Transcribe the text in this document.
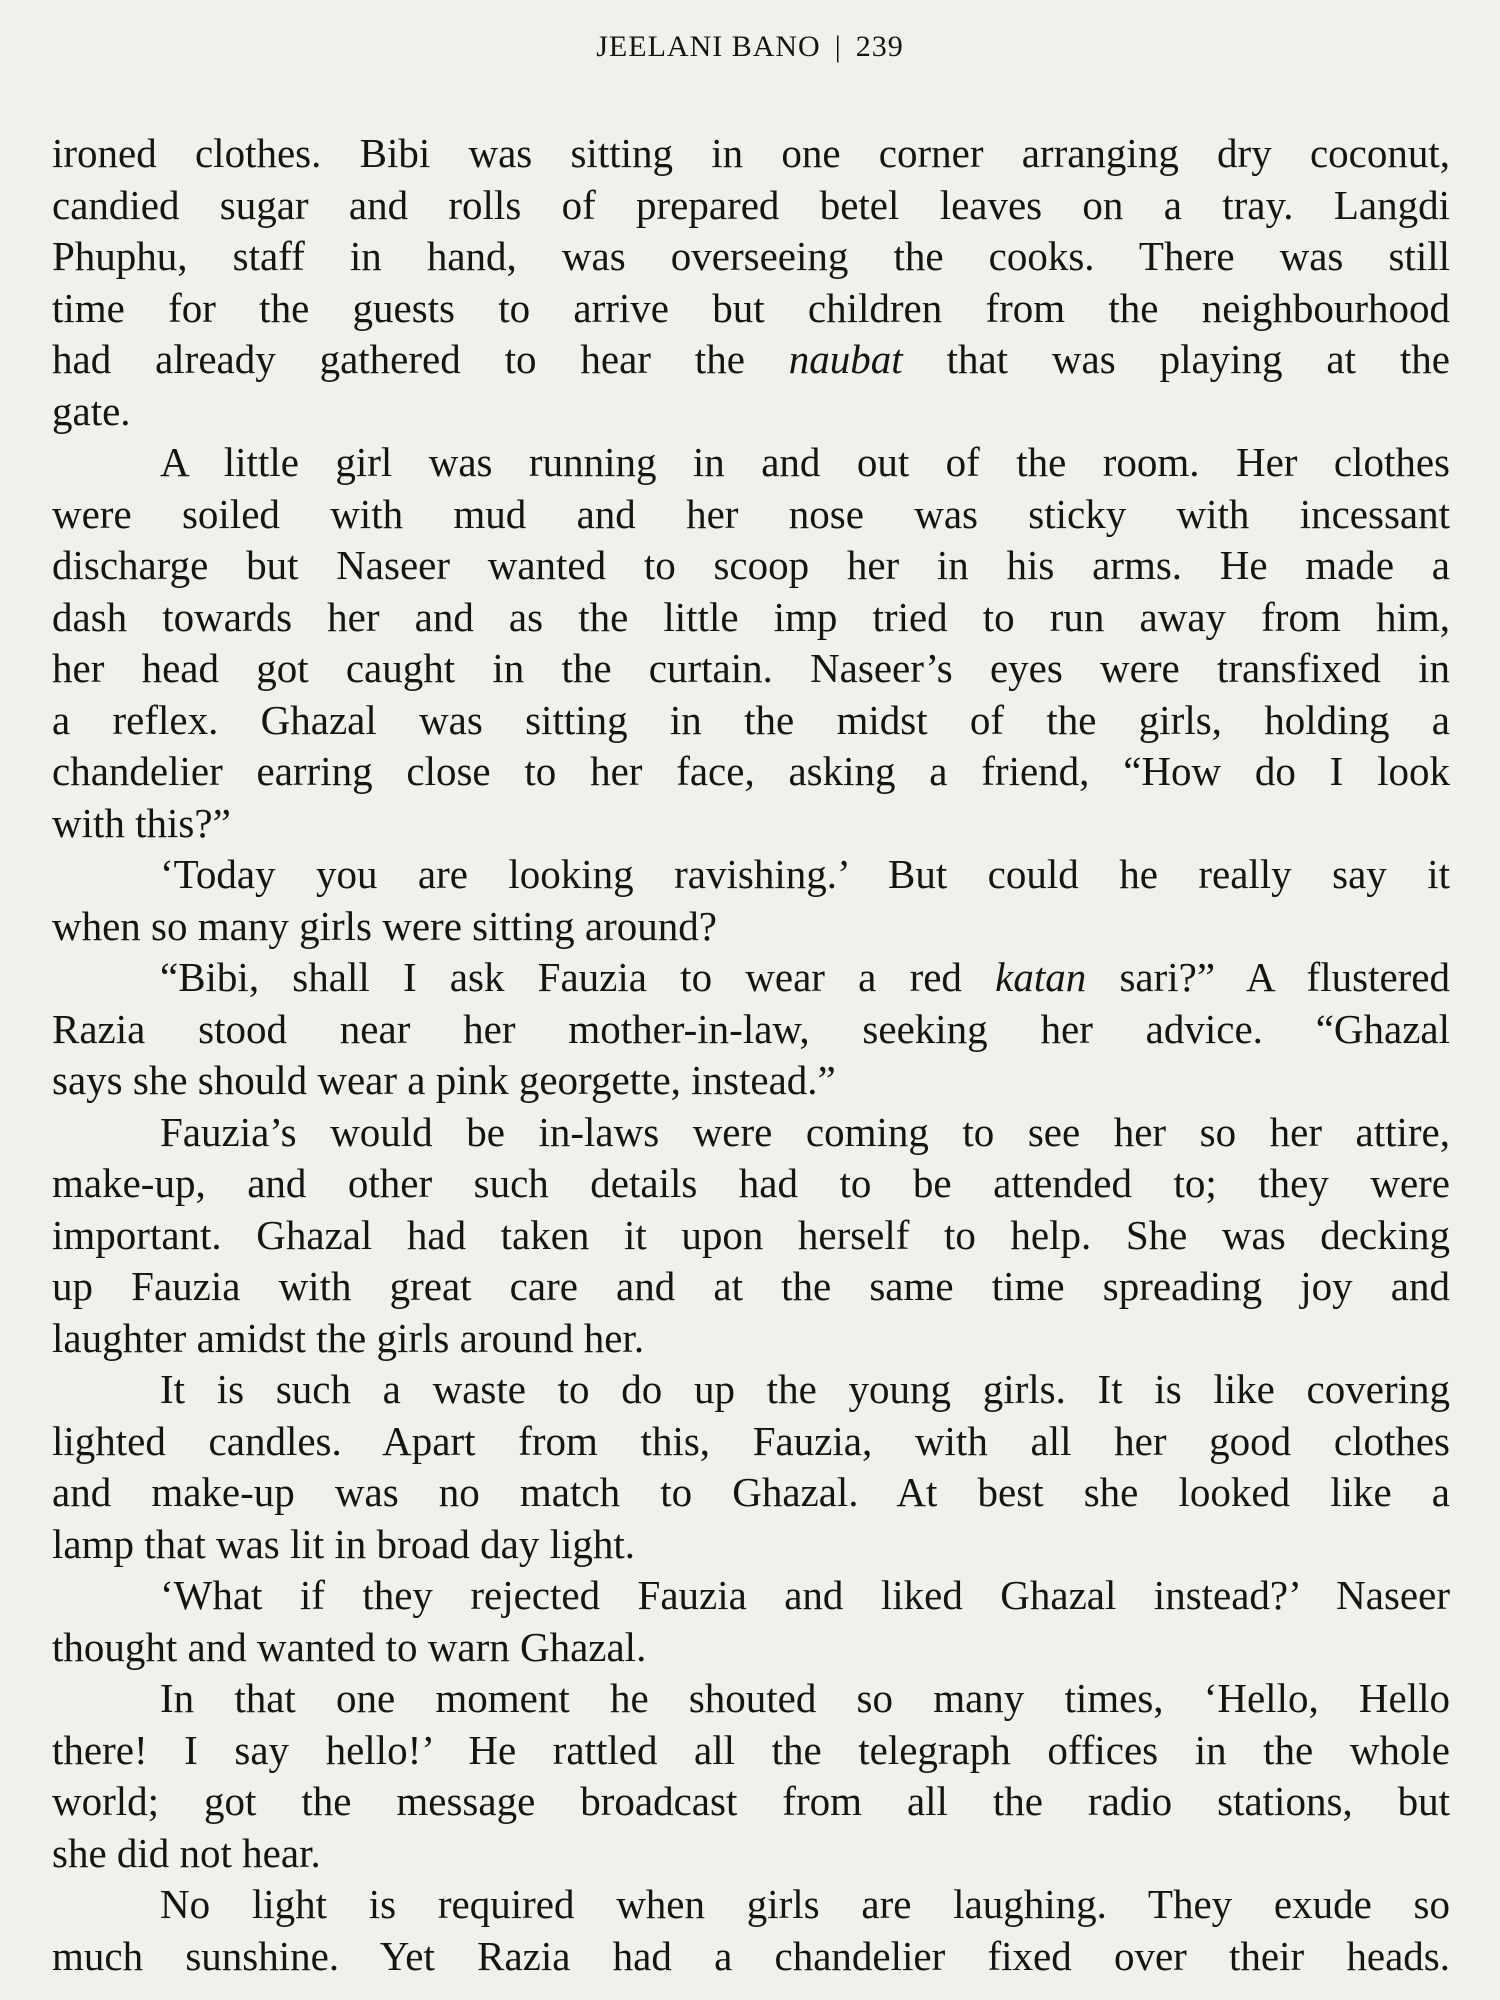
JEELANI BANO | 239
ironed clothes. Bibi was sitting in one corner arranging dry coconut,
candied sugar and rolls of prepared betel leaves on a tray. Langdi
Phuphu, staff in hand, was overseeing the cooks. There was still
time for the guests to arrive but children from the neighbourhood
had already gathered to hear the naubat that was playing at the
gate.
A little girl was running in and out of the room. Her clothes
were soiled with mud and her nose was sticky with incessant
discharge but Naseer wanted to scoop her in his arms. He made a
dash towards her and as the little imp tried to run away from him,
her head got caught in the curtain. Naseer’s eyes were transfixed in
a reflex. Ghazal was sitting in the midst of the girls, holding a
chandelier earring close to her face, asking a friend, “How do I look
with this?”
‘Today you are looking ravishing.’ But could he really say it
when so many girls were sitting around?
“Bibi, shall I ask Fauzia to wear a red katan sari?” A flustered
Razia stood near her mother-in-law, seeking her advice. “Ghazal
says she should wear a pink georgette, instead.”
Fauzia’s would be in-laws were coming to see her so her attire,
make-up, and other such details had to be attended to; they were
important. Ghazal had taken it upon herself to help. She was decking
up Fauzia with great care and at the same time spreading joy and
laughter amidst the girls around her.
It is such a waste to do up the young girls. It is like covering
lighted candles. Apart from this, Fauzia, with all her good clothes
and make-up was no match to Ghazal. At best she looked like a
lamp that was lit in broad day light.
‘What if they rejected Fauzia and liked Ghazal instead?’ Naseer
thought and wanted to warn Ghazal.
In that one moment he shouted so many times, ‘Hello, Hello
there! I say hello!’ He rattled all the telegraph offices in the whole
world; got the message broadcast from all the radio stations, but
she did not hear.
No light is required when girls are laughing. They exude so
much sunshine. Yet Razia had a chandelier fixed over their heads.
